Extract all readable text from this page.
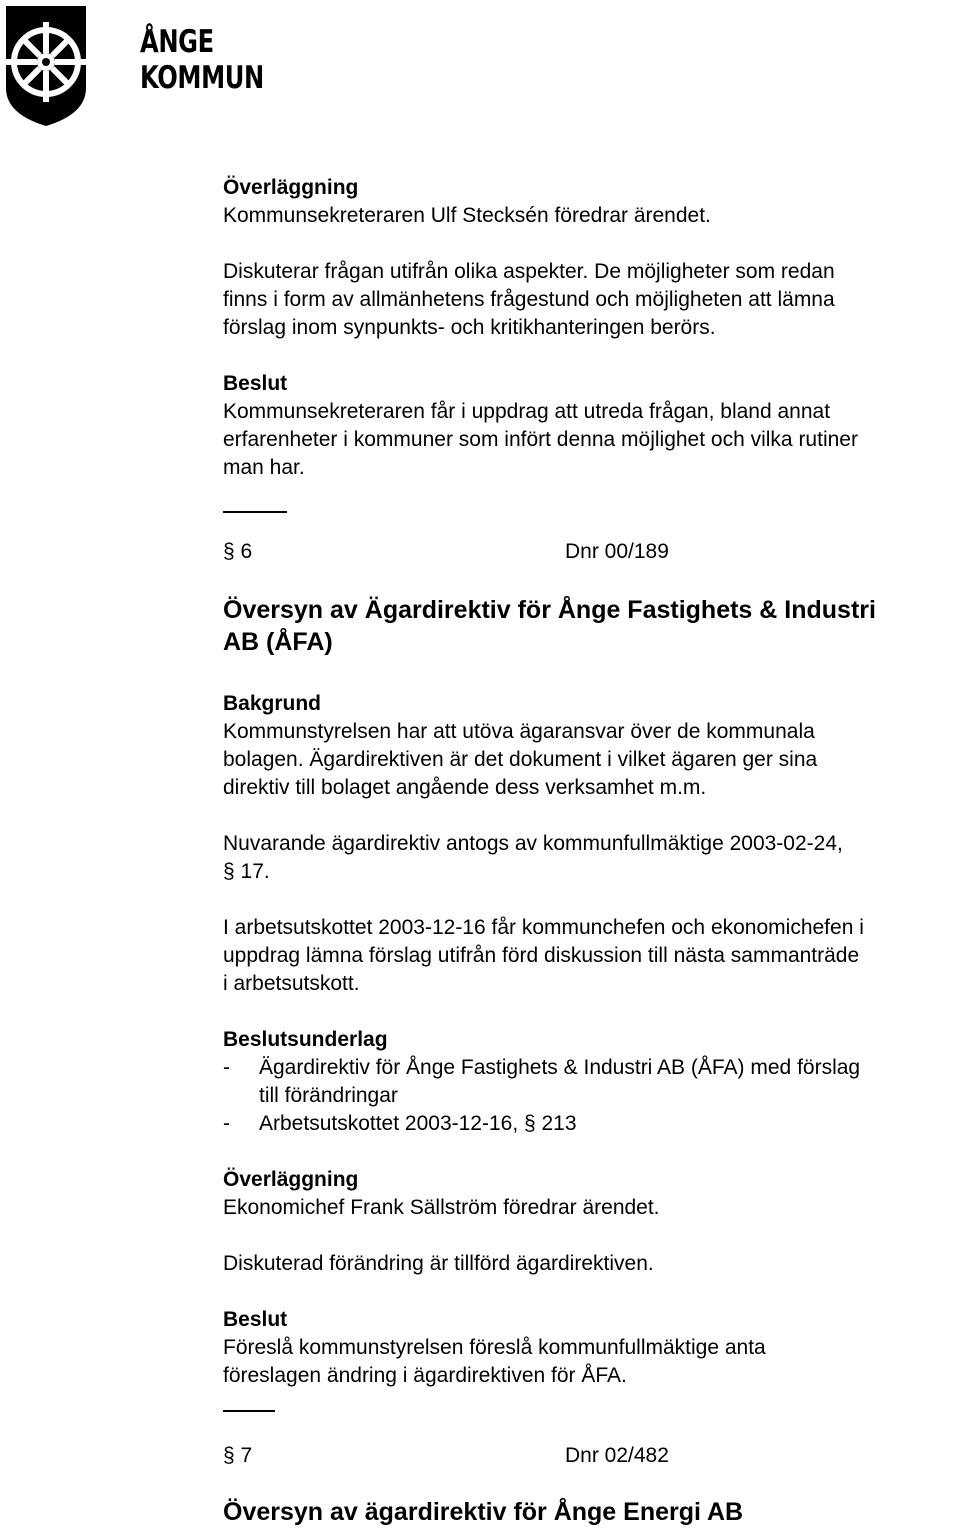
ÅNGE
KOMMUN
Överläggning
Kommunsekreteraren Ulf Stecksén föredrar ärendet.
Diskuterar frågan utifrån olika aspekter. De möjligheter som redan
finns i form av allmänhetens frågestund och möjligheten att lämna
förslag inom synpunkts- och kritikhanteringen berörs.
Beslut
Kommunsekreteraren får i uppdrag att utreda frågan, bland annat
erfarenheter i kommuner som infört denna möjlighet och vilka rutiner
man har.
§ 6	Dnr 00/189
Översyn av Ägardirektiv för Ånge Fastighets & Industri
AB (ÅFA)
Bakgrund
Kommunstyrelsen har att utöva ägaransvar över de kommunala
bolagen. Ägardirektiven är det dokument i vilket ägaren ger sina
direktiv till bolaget angående dess verksamhet m.m.
Nuvarande ägardirektiv antogs av kommunfullmäktige 2003-02-24,
§ 17.
I arbetsutskottet 2003-12-16 får kommunchefen och ekonomichefen i
uppdrag lämna förslag utifrån förd diskussion till nästa sammanträde
i arbetsutskott.
Beslutsunderlag
- Ägardirektiv för Ånge Fastighets & Industri AB (ÅFA) med förslag
till förändringar
- Arbetsutskottet 2003-12-16, § 213
Överläggning
Ekonomichef Frank Sällström föredrar ärendet.
Diskuterad förändring är tillförd ägardirektiven.
Beslut
Föreslå kommunstyrelsen föreslå kommunfullmäktige anta
föreslagen ändring i ägardirektiven för ÅFA.
§ 7	Dnr 02/482
Översyn av ägardirektiv för Ånge Energi AB
